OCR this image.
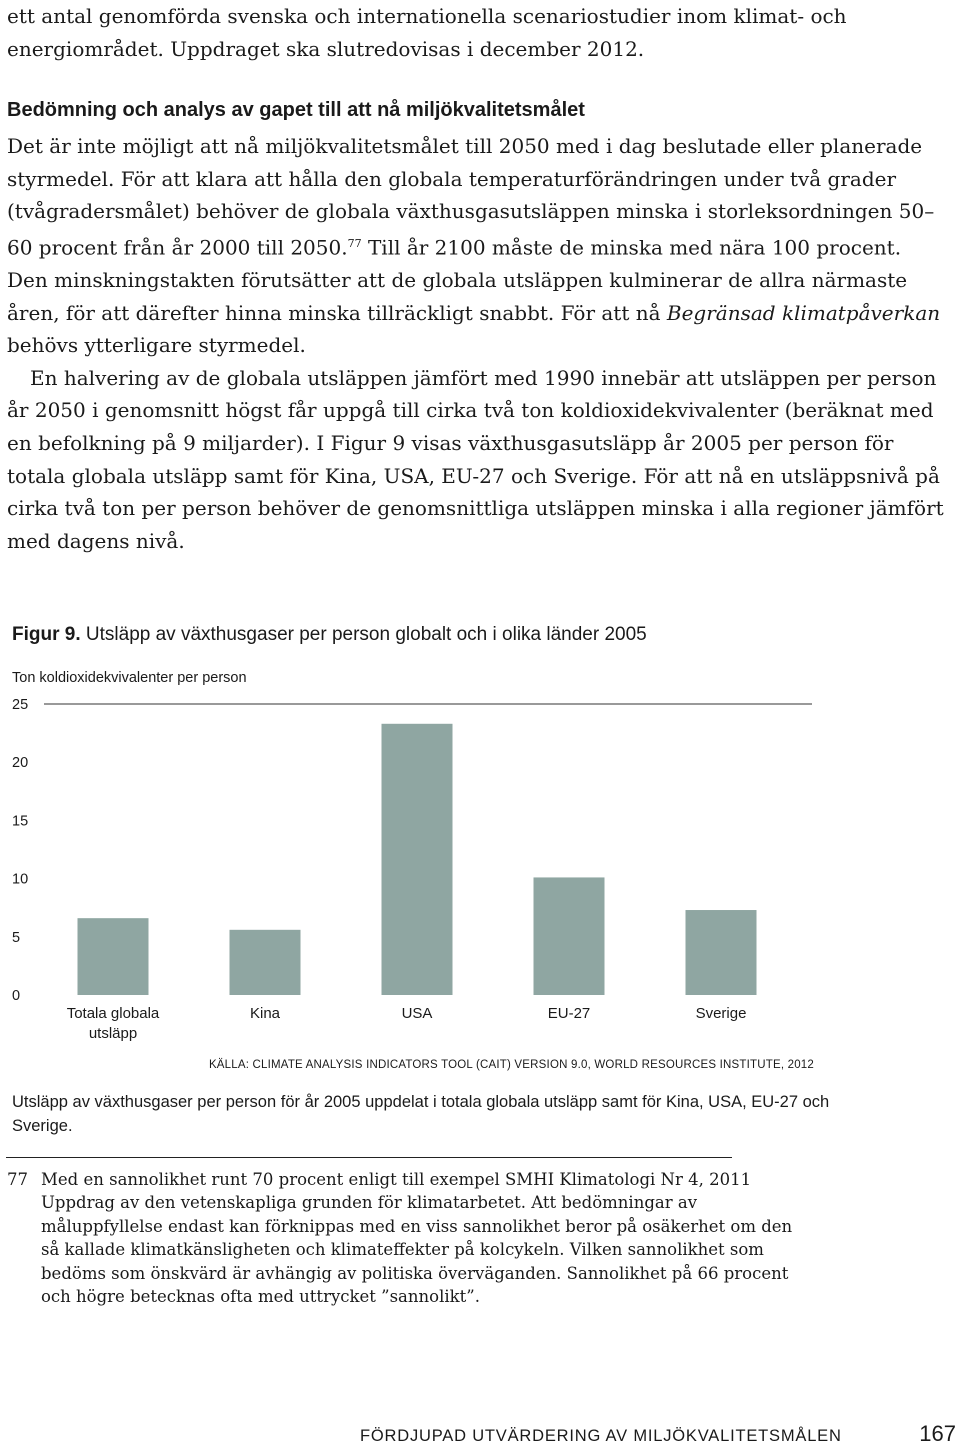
ett antal genomförda svenska och internationella scenariostudier inom klimat- och energiområdet. Uppdraget ska slutredovisas i december 2012.

Bedömning och analys av gapet till att nå miljökvalitetsmålet

Det är inte möjligt att nå miljökvalitetsmålet till 2050 med i dag beslutade eller planerade styrmedel. För att klara att hålla den globala temperaturförändringen under två grader (tvågradersmålet) behöver de globala växthusgasutsläppen minska i storleksordningen 50–60 procent från år 2000 till 2050.77 Till år 2100 måste de minska med nära 100 procent. Den minskningstakten förutsätter att de globala utsläppen kulminerar de allra närmaste åren, för att därefter hinna minska tillräckligt snabbt. För att nå Begränsad klimatpåverkan behövs ytterligare styrmedel.

En halvering av de globala utsläppen jämfört med 1990 innebär att utsläppen per person år 2050 i genomsnitt högst får uppgå till cirka två ton koldioxidekvivalenter (beräknat med en befolkning på 9 miljarder). I Figur 9 visas växthusgasutsläpp år 2005 per person för totala globala utsläpp samt för Kina, USA, EU-27 och Sverige. För att nå en utsläppsnivå på cirka två ton per person behöver de genomsnittliga utsläppen minska i alla regioner jämfört med dagens nivå.

Figur 9. Utsläpp av växthusgaser per person globalt och i olika länder 2005
Ton koldioxidekvivalenter per person
0
5
10
15
20
25
Totala globala
utsläpp
Kina	USA	EU-27	Sverige
KÄLLA: CLIMATE ANALYSIS INDICATORS TOOL (CAIT) VERSION 9.0, WORLD RESOURCES INSTITUTE, 2012
Utsläpp av växthusgaser per person för år 2005 uppdelat i totala globala utsläpp samt för Kina, USA, EU-27 och Sverige.
77 Med en sannolikhet runt 70 procent enligt till exempel SMHI Klimatologi Nr 4, 2011 Uppdrag av den vetenskapliga grunden för klimatarbetet. Att bedömningar av måluppfyllelse endast kan förknippas med en viss sannolikhet beror på osäkerhet om den så kallade klimatkänsligheten och klimateffekter på kolcykeln. Vilken sannolikhet som bedöms som önskvärd är avhängig av politiska överväganden. Sannolikhet på 66 procent och högre betecknas ofta med uttrycket ”sannolikt”.
FÖRDJUPAD UTVÄRDERING AV MILJÖKVALITETSMÅLEN	167
